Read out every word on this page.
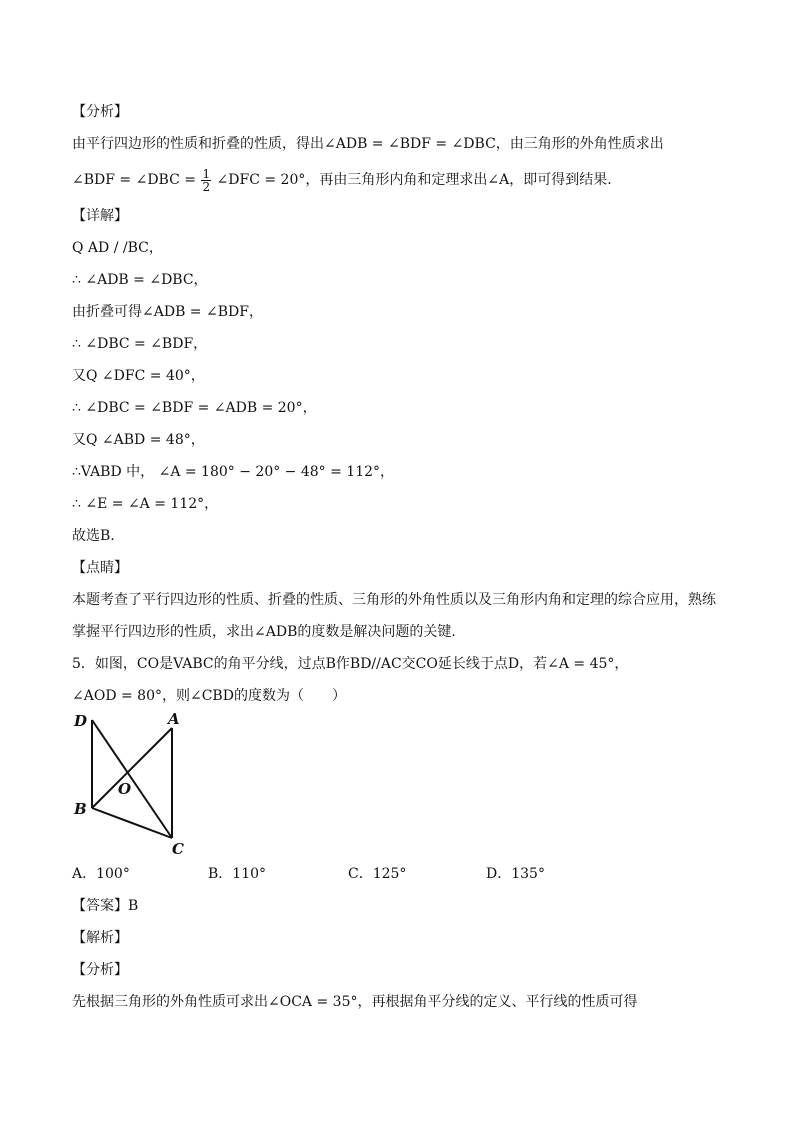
【分析】
由平行四边形的性质和折叠的性质，得出∠ADB = ∠BDF = ∠DBC，由三角形的外角性质求出
∠BDF = ∠DBC = $\frac{1}{2}$ ∠DFC = 20°，再由三角形内角和定理求出∠A，即可得到结果.
【详解】
Q AD / /BC，
∴ ∠ADB = ∠DBC，
由折叠可得∠ADB = ∠BDF，
∴ ∠DBC = ∠BDF，
又Q ∠DFC = 40°，
∴ ∠DBC = ∠BDF = ∠ADB = 20°，
又Q ∠ABD = 48°，
∴VABD 中， ∠A = 180° − 20° − 48° = 112°，
∴ ∠E = ∠A = 112°，
故选B.
【点睛】
本题考查了平行四边形的性质、折叠的性质、三角形的外角性质以及三角形内角和定理的综合应用，熟练
掌握平行四边形的性质，求出∠ADB的度数是解决问题的关键.
5．如图，CO是VABC的角平分线，过点B作BD//AC交CO延长线于点D，若∠A = 45°，
∠AOD = 80°，则∠CBD的度数为（　　）
D	A
O
B
C
A．100°	B．110°	C．125°	D．135°
【答案】B
【解析】
【分析】
先根据三角形的外角性质可求出∠OCA = 35°，再根据角平分线的定义、平行线的性质可得
